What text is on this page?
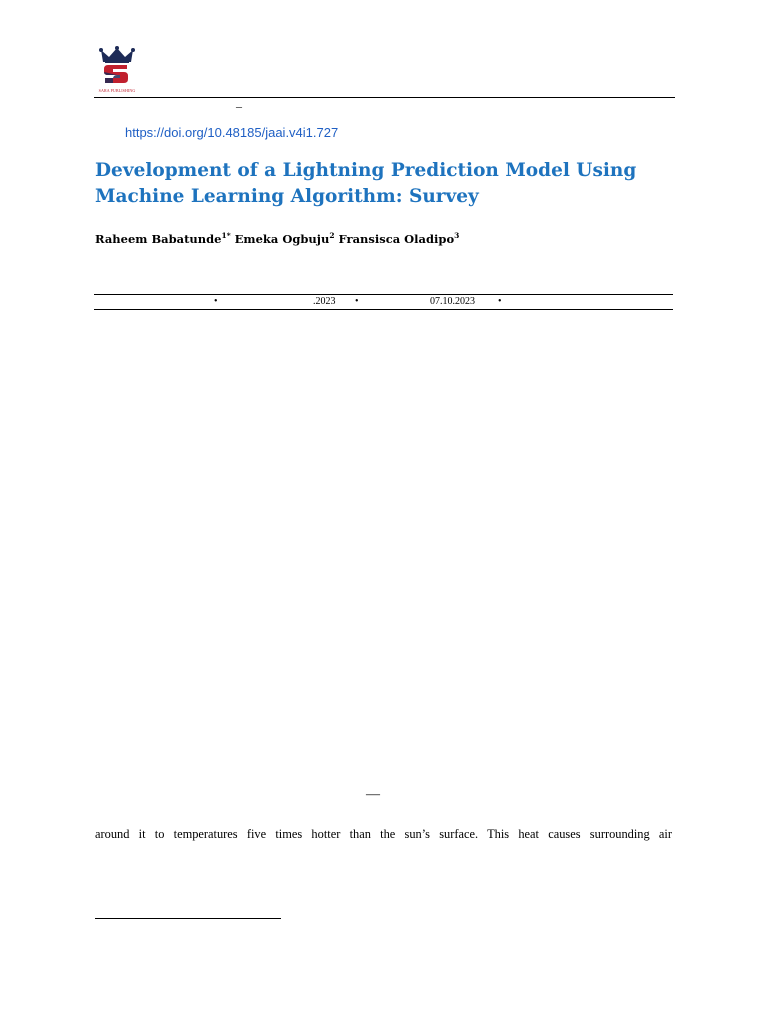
SARA PUBLISHING
–
https://doi.org/10.48185/jaai.v4i1.727
Development of a Lightning Prediction Model Using Machine Learning Algorithm: Survey
Raheem Babatunde$^{1*}$ Emeka Ogbuju$^2$ Fransisca Oladipo$^3$
•	.2023 •	07.10.2023 •
—
around it to temperatures five times hotter than the sun’s surface. This heat causes surrounding air
